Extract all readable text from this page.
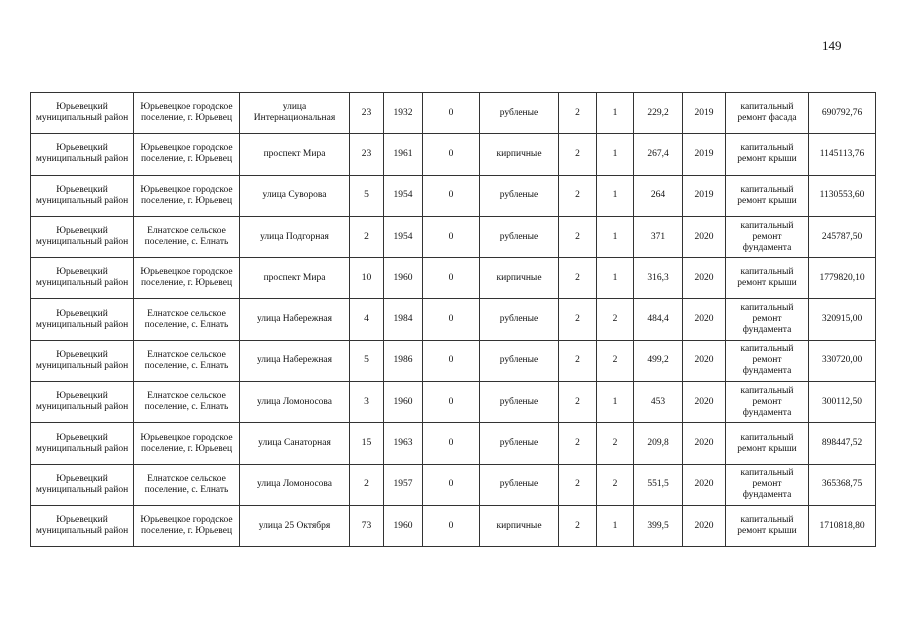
149
Юрьевецкий муниципальный район	Юрьевецкое городское поселение, г. Юрьевец	улица Интернациональная	23	1932	0	рубленые	2	1	229,2	2019	капитальный ремонт фасада	690792,76
Юрьевецкий муниципальный район	Юрьевецкое городское поселение, г. Юрьевец	проспект Мира	23	1961	0	кирпичные	2	1	267,4	2019	капитальный ремонт крыши	1145113,76
Юрьевецкий муниципальный район	Юрьевецкое городское поселение, г. Юрьевец	улица Суворова	5	1954	0	рубленые	2	1	264	2019	капитальный ремонт крыши	1130553,60
Юрьевецкий муниципальный район	Елнатское сельское поселение, с. Елнать	улица Подгорная	2	1954	0	рубленые	2	1	371	2020	капитальный ремонт фундамента	245787,50
Юрьевецкий муниципальный район	Юрьевецкое городское поселение, г. Юрьевец	проспект Мира	10	1960	0	кирпичные	2	1	316,3	2020	капитальный ремонт крыши	1779820,10
Юрьевецкий муниципальный район	Елнатское сельское поселение, с. Елнать	улица Набережная	4	1984	0	рубленые	2	2	484,4	2020	капитальный ремонт фундамента	320915,00
Юрьевецкий муниципальный район	Елнатское сельское поселение, с. Елнать	улица Набережная	5	1986	0	рубленые	2	2	499,2	2020	капитальный ремонт фундамента	330720,00
Юрьевецкий муниципальный район	Елнатское сельское поселение, с. Елнать	улица Ломоносова	3	1960	0	рубленые	2	1	453	2020	капитальный ремонт фундамента	300112,50
Юрьевецкий муниципальный район	Юрьевецкое городское поселение, г. Юрьевец	улица Санаторная	15	1963	0	рубленые	2	2	209,8	2020	капитальный ремонт крыши	898447,52
Юрьевецкий муниципальный район	Елнатское сельское поселение, с. Елнать	улица Ломоносова	2	1957	0	рубленые	2	2	551,5	2020	капитальный ремонт фундамента	365368,75
Юрьевецкий муниципальный район	Юрьевецкое городское поселение, г. Юрьевец	улица 25 Октября	73	1960	0	кирпичные	2	1	399,5	2020	капитальный ремонт крыши	1710818,80
